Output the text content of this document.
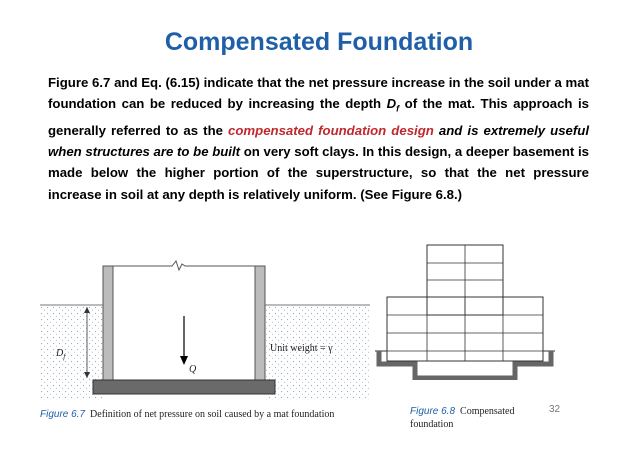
Compensated Foundation
Figure 6.7 and Eq. (6.15) indicate that the net pressure increase in the soil under a mat foundation can be reduced by increasing the depth $D_f$ of the mat. This approach is generally referred to as the compensated foundation design and is extremely useful when structures are to be built on very soft clays. In this design, a deeper basement is made below the higher portion of the superstructure, so that the net pressure increase in soil at any depth is relatively uniform. (See Figure 6.8.)
$D_f$
Q
Unit weight = γ
Figure 6.7 Definition of net pressure on soil caused by a mat foundation	Figure 6.8 Compensated
foundation
32
